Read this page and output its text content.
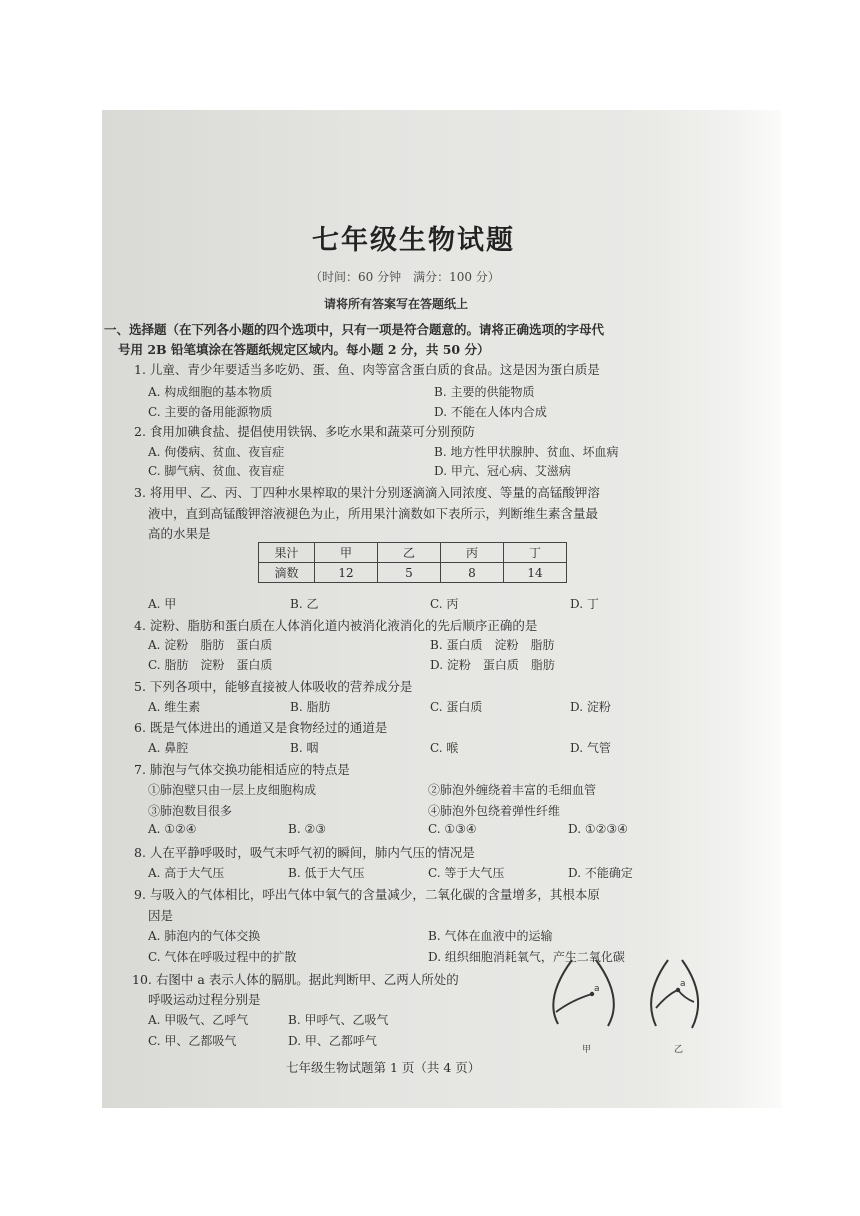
七年级生物试题
（时间：60 分钟　满分：100 分）
请将所有答案写在答题纸上
一、选择题（在下列各小题的四个选项中，只有一项是符合题意的。请将正确选项的字母代
号用 2B 铅笔填涂在答题纸规定区域内。每小题 2 分，共 50 分）
1. 儿童、青少年要适当多吃奶、蛋、鱼、肉等富含蛋白质的食品。这是因为蛋白质是
A. 构成细胞的基本物质	B. 主要的供能物质
C. 主要的备用能源物质	D. 不能在人体内合成
2. 食用加碘食盐、提倡使用铁锅、多吃水果和蔬菜可分别预防
A. 佝偻病、贫血、夜盲症	B. 地方性甲状腺肿、贫血、坏血病
C. 脚气病、贫血、夜盲症	D. 甲亢、冠心病、艾滋病
3. 将用甲、乙、丙、丁四种水果榨取的果汁分别逐滴滴入同浓度、等量的高锰酸钾溶
液中，直到高锰酸钾溶液褪色为止，所用果汁滴数如下表所示，判断维生素含量最
高的水果是
果汁	甲	乙	丙	丁
滴数	12	5	8	14
A. 甲	B. 乙	C. 丙	D. 丁
4. 淀粉、脂肪和蛋白质在人体消化道内被消化液消化的先后顺序正确的是
A. 淀粉　脂肪　蛋白质	B. 蛋白质　淀粉　脂肪
C. 脂肪　淀粉　蛋白质	D. 淀粉　蛋白质　脂肪
5. 下列各项中，能够直接被人体吸收的营养成分是
A. 维生素	B. 脂肪	C. 蛋白质	D. 淀粉
6. 既是气体进出的通道又是食物经过的通道是
A. 鼻腔	B. 咽	C. 喉	D. 气管
7. 肺泡与气体交换功能相适应的特点是
①肺泡壁只由一层上皮细胞构成	②肺泡外缠绕着丰富的毛细血管
③肺泡数目很多	④肺泡外包绕着弹性纤维
A. ①②④	B. ②③	C. ①③④	D. ①②③④
8. 人在平静呼吸时，吸气末呼气初的瞬间，肺内气压的情况是
A. 高于大气压	B. 低于大气压	C. 等于大气压	D. 不能确定
9. 与吸入的气体相比，呼出气体中氧气的含量减少，二氧化碳的含量增多，其根本原
因是
A. 肺泡内的气体交换	B. 气体在血液中的运输
C. 气体在呼吸过程中的扩散	D. 组织细胞消耗氧气，产生二氧化碳
10. 右图中 a 表示人体的膈肌。据此判断甲、乙两人所处的
呼吸运动过程分别是
A. 甲吸气、乙呼气	B. 甲呼气、乙吸气
C. 甲、乙都吸气	D. 甲、乙都呼气
a
甲
a
乙
七年级生物试题第 1 页（共 4 页）
